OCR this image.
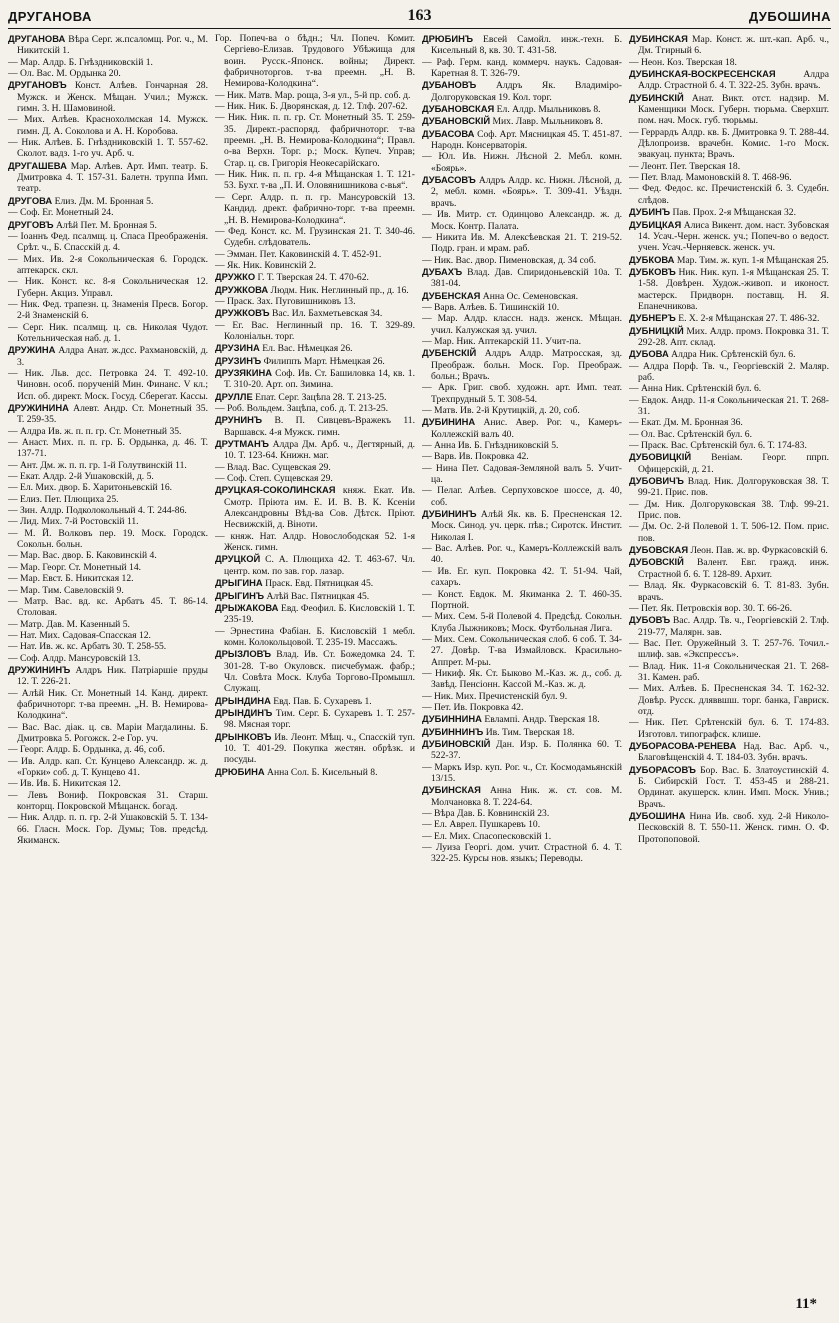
ДРУГАНОВА	163	ДУБОШИНА

ДРУГАНОВА Вѣра Серг. ж.псаломщ. Рог. ч., М. Никитскій 1.

— Мар. Алдр. Б. Гнѣздниковскій 1.

— Ол. Вас. М. Ордынка 20.

ДРУГАНОВЪ Конст. Алѣев. Гончарная 28. Мужск. и Женск. Мѣщан. Учил.; Мужск. гимн. 3. Н. Шамовиной.

— Мих. Алѣев. Краснохолмская 14. Мужск. гимн. Д. А. Соколова и А. Н. Коробова.

— Ник. Алѣев. Б. Гнѣздниковскій 1. Т. 557-62. Сколот. вадз. 1-го уч. Арб. ч.

ДРУГАШЕВА Мар. Алѣев. Арт. Имп. театр. Б. Дмитровка 4. Т. 157-31. Балетн. труппа Имп. театр.

ДРУГОВА Елиз. Дм. М. Бронная 5.

— Соф. Ег. Монетный 24.

ДРУГОВЪ Алѣй Пет. М. Бронная 5.

— Іоаннъ Фед. псалмщ. ц. Спаса Преображенія. Срѣт. ч., Б. Спасскій д. 4.

— Мих. Ив. 2-я Сокольническая 6. Городск. аптекарск. скл.

— Ник. Конст. кс. 8-я Сокольническая 12. Губерн. Акциз. Управл.

— Ник. Фед. трапезн. ц. Знаменія Пресв. Богор. 2-й Знаменскій 6.

— Серг. Ник. псалмщ. ц. св. Николая Чудот. Котельническая наб. д. 1.

ДРУЖИНА Алдра Анат. ж.дсс. Рахмановскій, д. 3.

— Ник. Льв. дсс. Петровка 24. Т. 492-10. Чиновн. особ. порученій Мин. Финанс. V кл.; Исп. об. директ. Моск. Госуд. Сберегат. Кассы.

ДРУЖИНИНА Алевт. Андр. Ст. Монетный 35. Т. 259-35.

— Алдра Ив. ж. п. п. гр. Ст. Монетный 35.

— Анаст. Мих. п. п. гр. Б. Ордынка, д. 46. Т. 137-71.

— Ант. Дм. ж. п. п. гр. 1-й Голутвинскій 11.

— Екат. Алдр. 2-й Ушаковскій, д. 5.

— Ел. Мих. двор. Б. Харитоньевскій 16.

— Елиз. Пет. Плющиха 25.

— Зин. Алдр. Подколокольный 4. Т. 244-86.

— Лид. Мих. 7-й Ростовскій 11.

— М. Й. Волковъ пер. 19. Моск. Городск. Сокольн. больн.

— Мар. Вас. двор. Б. Каковинскій 4.

— Мар. Георг. Ст. Монетный 14.

— Мар. Евст. Б. Никитская 12.

— Мар. Тим. Савеловскій 9.

— Матр. Вас. вд. кс. Арбатъ 45. Т. 86-14. Столовая.

— Матр. Дав. М. Казенный 5.

— Нат. Мих. Садовая-Спасская 12.

— Нат. Ив. ж. кс. Арбатъ 30. Т. 258-55.

— Соф. Алдр. Мансуровскій 13.

ДРУЖИНИНЪ Алдръ Ник. Патріаршіе пруды 12. Т. 226-21.

— Алѣй Ник. Ст. Монетный 14. Канд. директ. фабричноторг. т-ва преемн. „Н. В. Немирова-Колодкина“.

— Вас. Вас. діак. ц. св. Маріи Магдалины. Б. Дмитровка 5. Рогожск. 2-е Гор. уч.

— Георг. Алдр. Б. Ордынка, д. 46, соб.

— Ив. Алдр. кап. Ст. Кунцево Александр. ж. д. «Горки» соб. д. Т. Кунцево 41.

— Ив. Ив. Б. Никитская 12.

— Левъ Вониф. Покровская 31. Старш. конторщ. Покровской Мѣщанск. богад.

— Ник. Алдр. п. п. гр. 2-й Ушаковскій 5. Т. 134-66. Гласн. Моск. Гор. Думы; Тов. предсѣд. Якиманск.

Гор. Попеч-ва о бѣдн.; Чл. Попеч. Комит. Сергіево-Елизав. Трудового Убѣжища для воин. Русск.-Японск. войны; Директ. фабричноторгов. т-ва преемн. „Н. В. Немирова-Колодкина“.

— Ник. Матв. Мар. роща, 3-я ул., 5-й пр. соб. д.

— Ник. Ник. Б. Дворянская, д. 12. Тлф. 207-62.

— Ник. Ник. п. п. гр. Ст. Монетный 35. Т. 259-35. Директ.-распоряд. фабричноторг. т-ва преемн. „Н. В. Немирова-Колодкина“; Правл. о-ва Верхн. Торг. р.; Моск. Купеч. Управ; Стар. ц. св. Григорія Неокесарійскаго.

— Ник. Ник. п. п. гр. 4-я Мѣщанская 1. Т. 121-53. Бухг. т-ва „П. И. Оловянишникова с-вья“.

— Серг. Алдр. п. п. гр. Мансуровскій 13. Кандид. дрект. фабрично-торг. т-ва преемн. „Н. В. Немирова-Колодкина“.

— Фед. Конст. кс. М. Грузинская 21. Т. 340-46. Судебн. слѣдователь.

— Эмман. Пет. Каковинскій 4. Т. 452-91.

— Як. Ник. Ковинскій 2.

ДРУЖКО Г. Т. Тверская 24. Т. 470-62.

ДРУЖКОВА Людм. Ник. Неглинный пр., д. 16.

— Праск. Зах. Пуговишниковъ 13.

ДРУЖКОВЪ Вас. Ил. Бахметьевская 34.

— Ег. Вас. Неглинный пр. 16. Т. 329-89. Колоніальн. торг.

ДРУЗИНА Ел. Вас. Нѣмецкая 26.

ДРУЗИНЪ Филиппъ Март. Нѣмецкая 26.

ДРУЗЯКИНА Соф. Ив. Ст. Башиловка 14, кв. 1. Т. 310-20. Арт. оп. Зимина.

ДРУЛЛЕ Епат. Серг. Зацѣпа 28. Т. 213-25.

— Роб. Вольдем. Зацѣпа, соб. д. Т. 213-25.

ДРУНИНЪ В. П. Сивцевъ-Вражекъ 11. Варшавск. 4-я Мужск. гимн.

ДРУТМАНЪ Алдра Дм. Арб. ч., Дегтярный, д. 10. Т. 123-64. Книжн. маг.

— Влад. Вас. Сущевская 29.

— Соф. Степ. Сущевская 29.

ДРУЦКАЯ-СОКОЛИНСКАЯ княж. Екат. Ив. Смотр. Пріюта им. Е. И. В. В. К. Ксеніи Александровны Вѣд-ва Сов. Дѣтск. Пріют. Несвижскій, д. Віноти.

— княж. Нат. Алдр. Новослободская 52. 1-я Женск. гимн.

ДРУЦКОЙ С. А. Плющиха 42. Т. 463-67. Чл. центр. ком. по зав. гор. лазар.

ДРЫГИНА Праск. Евд. Пятницкая 45.

ДРЫГИНЪ Алѣй Вас. Пятницкая 45.

ДРЫЖАКОВА Евд. Феофил. Б. Кисловскій 1. Т. 235-19.

— Эрнестина Фабіан. Б. Кисловскій 1 мебл. комн. Колокольцовой. Т. 235-19. Массажъ.

ДРЫЗЛОВЪ Влад. Ив. Ст. Божедомка 24. Т. 301-28. Т-во Окуловск. писчебумаж. фабр.; Чл. Совѣта Моск. Клуба Торгово-Промышл. Служащ.

ДРЫНДИНА Евд. Пав. Б. Сухаревъ 1.

ДРЫНДИНЪ Тим. Серг. Б. Сухаревъ 1. Т. 257-98. Мясная торг.

ДРЫНКОВЪ Ив. Леонт. Мѣщ. ч., Спасскій туп. 10. Т. 401-29. Покупка жестян. обрѣзк. и посуды.

ДРЮБИНА Анна Сол. Б. Кисельный 8.

ДРЮБИНЪ Евсей Самойл. инж.-техн. Б. Кисельный 8, кв. 30. Т. 431-58.

— Раф. Герм. канд. коммерч. наукъ. Садовая-Каретная 8. Т. 326-79.

ДУБАНОВЪ Алдръ Як. Владиміро-Долгоруковская 19. Кол. торг.

ДУБАНОВСКАЯ Ел. Алдр. Мыльниковъ 8.

ДУБАНОВСКІЙ Мих. Лавр. Мыльниковъ 8.

ДУБАСОВА Соф. Арт. Мясницкая 45. Т. 451-87. Народн. Консерваторія.

— Юл. Ив. Нижн. Лѣсной 2. Мебл. комн. «Боярь».

ДУБАСОВЪ Алдръ Алдр. кс. Нижн. Лѣсной, д. 2, мебл. комн. «Боярь». Т. 309-41. Уѣздн. врачъ.

— Ив. Митр. ст. Одинцово Александр. ж. д. Моск. Контр. Палата.

— Никита Ив. М. Алексѣевская 21. Т. 219-52. Подр. гран. и мрам. раб.

— Ник. Вас. двор. Пименовская, д. 34 соб.

ДУБАХЪ Влад. Дав. Спиридоньевскій 10а. Т. 381-04.

ДУБЕНСКАЯ Анна Ос. Семеновская.

— Варв. Алѣев. Б. Тишинскій 10.

— Мар. Алдр. классн. надз. женск. Мѣщан. учил. Калужская зд. учил.

— Мар. Ник. Аптекарскій 11. Учит-па.

ДУБЕНСКІЙ Алдръ Алдр. Матросская, зд. Преображ. больн. Моск. Гор. Преображ. больн.; Врачъ.

— Арк. Григ. своб. художн. арт. Имп. теат. Трехпрудный 5. Т. 308-54.

— Матв. Ив. 2-й Крутицкій, д. 20, соб.

ДУБИНИНА Анис. Авер. Рог. ч., Камеръ-Коллежскій валъ 40.

— Анна Ив. Б. Гнѣздниковскій 5.

— Варв. Ив. Покровка 42.

— Нина Пет. Садовая-Земляной валъ 5. Учит-ца.

— Пелаг. Алѣев. Серпуховское шоссе, д. 40, соб.

ДУБИНИНЪ Алѣй Як. кв. Б. Пресненская 12. Моск. Синод. уч. церк. пѣв.; Сиротск. Инстит. Николая I.

— Вас. Алѣев. Рог. ч., Камеръ-Коллежскій валъ 40.

— Ив. Ег. куп. Покровка 42. Т. 51-94. Чай, сахаръ.

— Конст. Евдок. М. Якиманка 2. Т. 460-35. Портной.

— Мих. Сем. 5-й Полевой 4. Предсѣд. Сокольн. Клуба Лыжниковъ; Моск. Футбольная Лига.

— Мих. Сем. Сокольническая слоб. 6 соб. Т. 34-27. Довѣр. Т-ва Измайловск. Красильно-Аппрет. М-ры.

— Никиф. Як. Ст. Быково М.-Каз. ж. д., соб. д. Завѣд. Пенсіонн. Кассой М.-Каз. ж. д.

— Ник. Мих. Пречистенскій бул. 9.

— Пет. Ив. Покровка 42.

ДУБИННИНА Евлампі. Андр. Тверская 18.

ДУБИННИНЪ Ив. Тим. Тверская 18.

ДУБИНОВСКІЙ Дан. Изр. Б. Полянка 60. Т. 522-37.

— Маркъ Изр. куп. Рог. ч., Ст. Космодамьянскій 13/15.

ДУБИНСКАЯ Анна Ник. ж. ст. сов. М. Молчановка 8. Т. 224-64.

— Вѣра Дав. Б. Ковнинскій 23.

— Ел. Аврел. Пушкаревъ 10.

— Ел. Мих. Спасопесковскій 1.

— Луиза Георгі. дом. учит. Страстной б. 4. Т. 322-25. Курсы нов. языкъ; Переводы.

ДУБИНСКАЯ Мар. Конст. ж. шт.-кап. Арб. ч., Дм. Тгирный 6.

— Неон. Коз. Тверская 18.

ДУБИНСКАЯ-ВОСКРЕСЕНСКАЯ	Алдра Алдр. Страстной б. 4. Т. 322-25. Зубн. врачъ.

ДУБИНСКІЙ Анат. Викт. отст. надзир. М. Каменщики Моск. Губерн. тюрьма. Сверхшт. пом. нач. Моск. губ. тюрьмы.

— Геррардъ Алдр. кв. Б. Дмитровка 9. Т. 288-44. Дѣлопроизв. врачебн. Комис. 1-го Моск. эвакуац. пункта; Врачъ.

— Леонт. Пет. Тверская 18.

— Пет. Влад. Мамоновскій 8. Т. 468-96.

— Фед. Федос. кс. Пречистенскій б. 3. Судебн. слѣдов.

ДУБИНЪ Пав. Прох. 2-я Мѣщанская 32.

ДУБИЦКАЯ Алиса Викент. дом. наст. Зубовская 14. Усач.-Черн. женск. уч.; Попеч-во о ведост. учен. Усач.-Черняевск. женск. уч.

ДУБКОВА Мар. Тим. ж. куп. 1-я Мѣщанская 25.

ДУБКОВЪ Ник. Ник. куп. 1-я Мѣщанская 25. Т. 1-58. Довѣрен. Худож.-живоп. и иконост. мастерск. Придворн. поставщ. Н. Я. Епанечникова.

ДУБНЕРЪ Е. Х. 2-я Мѣщанская 27. Т. 486-32.

ДУБНИЦКІЙ Мих. Алдр. промз. Покровка 31. Т. 292-28. Апт. склад.

ДУБОВА Алдра Ник. Срѣтенскій бул. 6.

— Алдра Порф. Тв. ч., Георгіевскій 2. Маляр. раб.

— Анна Ник. Срѣтенскій бул. 6.

— Евдок. Андр. 11-я Сокольническая 21. Т. 268-31.

— Екат. Дм. М. Бронная 36.

— Ол. Вас. Срѣтенскій бул. 6.

— Праск. Вас. Срѣтенскій бул. 6. Т. 174-83.

ДУБОВИЦКІЙ Веніам. Георг. ппрп. Офицерскій, д. 21.

ДУБОВИЧЪ Влад. Ник. Долгоруковская 38. Т. 99-21. Прис. пов.

— Дм. Ник. Долгоруковская 38. Тлф. 99-21. Прис. пов.

— Дм. Ос. 2-й Полевой 1. Т. 506-12. Пом. прис. пов.

ДУБОВСКАЯ Леон. Пав. ж. вр. Фуркасовскій 6.

ДУБОВСКІЙ Валент. Евг. гражд. инж. Страстной б. 6. Т. 128-89. Архит.

— Влад. Як. Фуркасовскій 6. Т. 81-83. Зубн. врачъ.

— Пет. Як. Петровскія вор. 30. Т. 66-26.

ДУБОВЪ Вас. Алдр. Тв. ч., Георгіевскій 2. Тлф. 219-77, Малярн. зав.

— Вас. Пет. Оружейный 3. Т. 257-76. Точил.-шлиф. зав. «Экспрессъ».

— Влад. Ник. 11-я Сокольническая 21. Т. 268-31. Камен. раб.

— Мих. Алѣев. Б. Пресненская 34. Т. 162-32. Довѣр. Русск. дляввшш. торг. банка, Гавриск. отд.

— Ник. Пет. Срѣтенскій бул. 6. Т. 174-83. Изготовл. типографск. клише.

ДУБОРАСОВА-РЕНЕВА Над. Вас. Арб. ч., Благовѣщенскій 4. Т. 184-03. Зубн. врачъ.

ДУБОРАСОВЪ Бор. Вас. Б. Златоустинскій 4. Б. Сибирскій Гост. Т. 453-45 и 288-21. Ординат. акушерск. клин. Имп. Моск. Унив.; Врачъ.

ДУБОШИНА Нина Ив. своб. худ. 2-й Николо-Песковскій 8. Т. 550-11. Женск. гимн. О. Ф. Протопоповой.

11*
